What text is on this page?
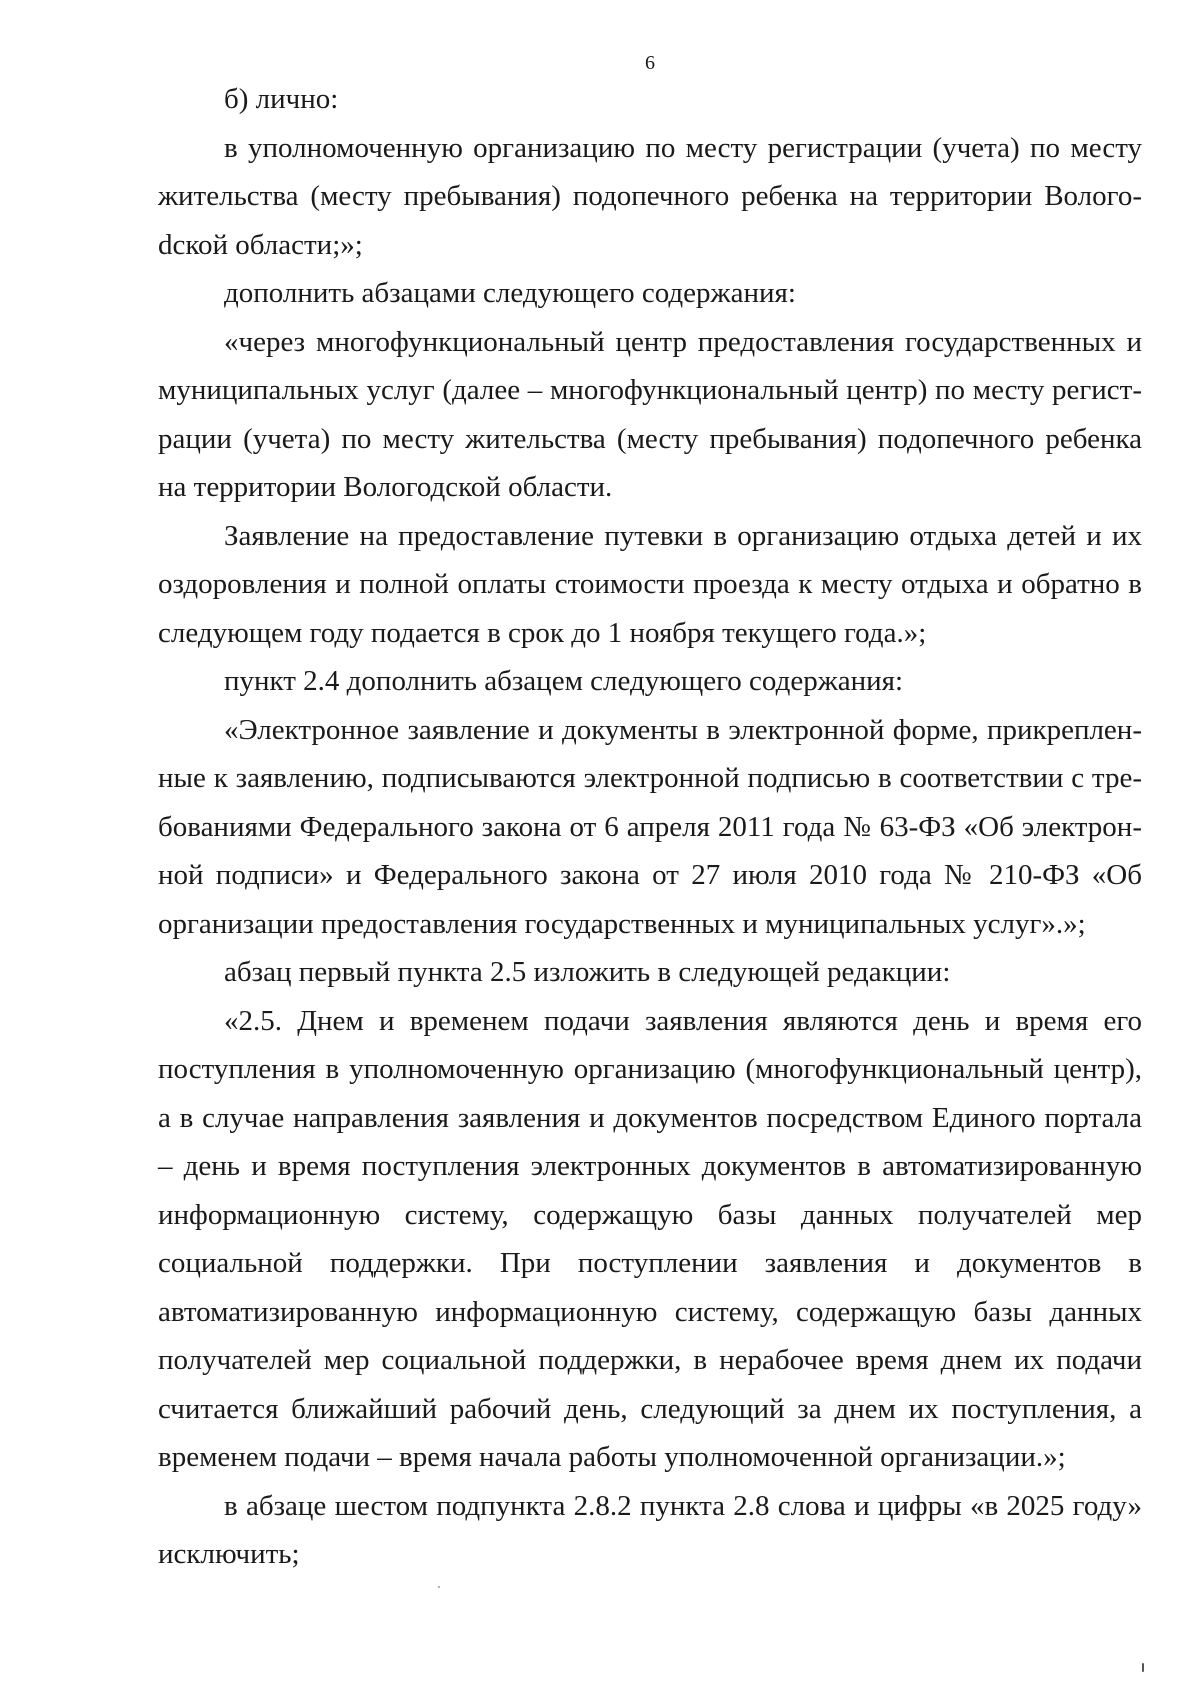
6

б) лично:

в уполномоченную организацию по месту регистрации (учета) по месту жительства (месту пребывания) подопечного ребенка на территории Вологоdской области;»;

дополнить абзацами следующего содержания:

«через многофункциональный центр предоставления государственных и муниципальных услуг (далее – многофункциональный центр) по месту регистрации (учета) по месту жительства (месту пребывания) подопечного ребенка на территории Вологодской области.

Заявление на предоставление путевки в организацию отдыха детей и их оздоровления и полной оплаты стоимости проезда к месту отдыха и обратно в следующем году подается в срок до 1 ноября текущего года.»;

пункт 2.4 дополнить абзацем следующего содержания:

«Электронное заявление и документы в электронной форме, прикрепленные к заявлению, подписываются электронной подписью в соответствии с требованиями Федерального закона от 6 апреля 2011 года № 63-ФЗ «Об электронной подписи» и Федерального закона от 27 июля 2010 года № 210-ФЗ «Об организации предоставления государственных и муниципальных услуг».»;

абзац первый пункта 2.5 изложить в следующей редакции:

«2.5. Днем и временем подачи заявления являются день и время его поступления в уполномоченную организацию (многофункциональный центр), а в случае направления заявления и документов посредством Единого портала – день и время поступления электронных документов в автоматизированную информационную систему, содержащую базы данных получателей мер социальной поддержки. При поступлении заявления и документов в автоматизированную информационную систему, содержащую базы данных получателей мер социальной поддержки, в нерабочее время днем их подачи считается ближайший рабочий день, следующий за днем их поступления, а временем подачи – время начала работы уполномоченной организации.»;

в абзаце шестом подпункта 2.8.2 пункта 2.8 слова и цифры «в 2025 году» исключить;
